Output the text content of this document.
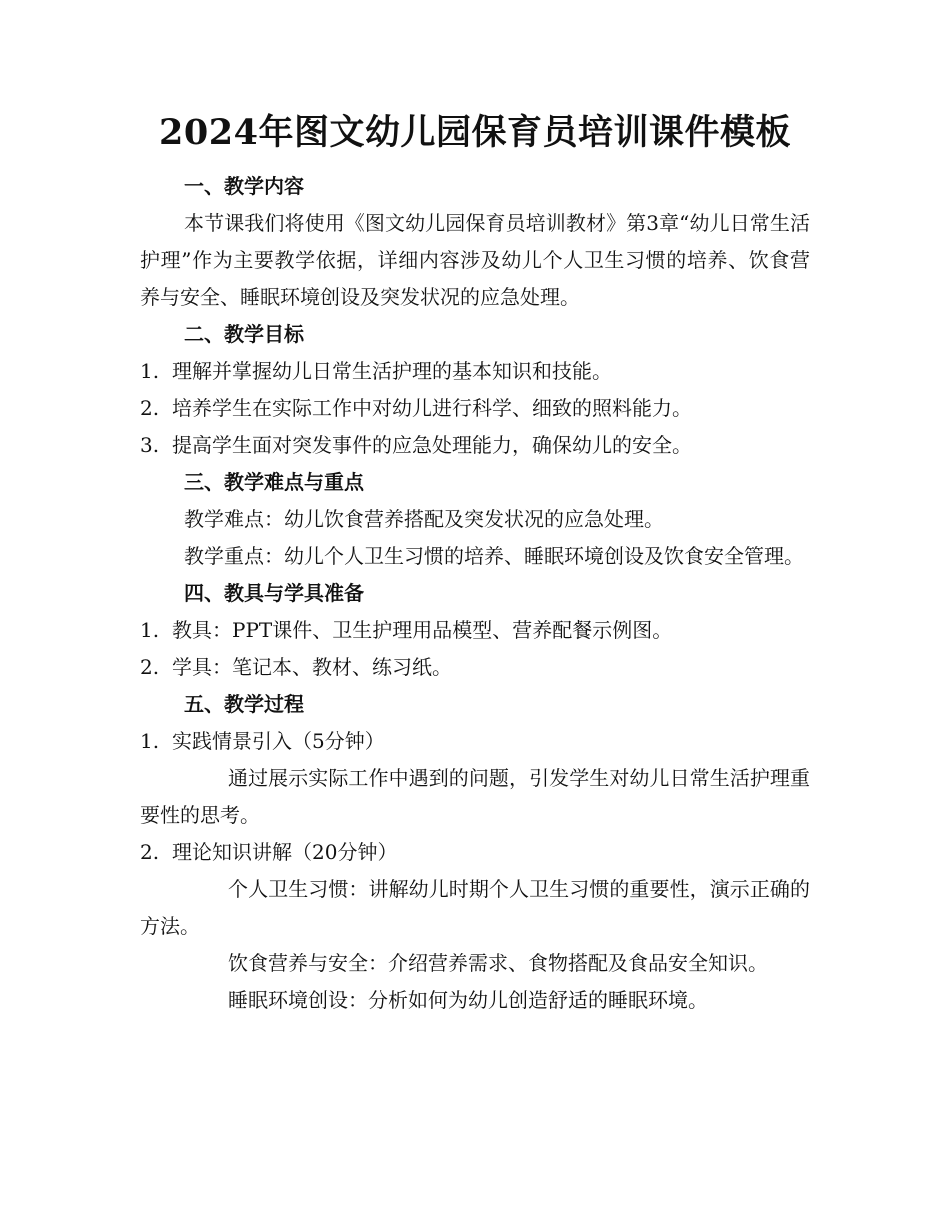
2024年图文幼儿园保育员培训课件模板

一、教学内容

本节课我们将使用《图文幼儿园保育员培训教材》第3章“幼儿日常生活护理”作为主要教学依据，详细内容涉及幼儿个人卫生习惯的培养、饮食营养与安全、睡眠环境创设及突发状况的应急处理。

二、教学目标

1. 理解并掌握幼儿日常生活护理的基本知识和技能。

2. 培养学生在实际工作中对幼儿进行科学、细致的照料能力。

3. 提高学生面对突发事件的应急处理能力，确保幼儿的安全。

三、教学难点与重点

教学难点：幼儿饮食营养搭配及突发状况的应急处理。

教学重点：幼儿个人卫生习惯的培养、睡眠环境创设及饮食安全管理。

四、教具与学具准备

1. 教具：PPT课件、卫生护理用品模型、营养配餐示例图。

2. 学具：笔记本、教材、练习纸。

五、教学过程

1. 实践情景引入（5分钟）

通过展示实际工作中遇到的问题，引发学生对幼儿日常生活护理重要性的思考。

2. 理论知识讲解（20分钟）

个人卫生习惯：讲解幼儿时期个人卫生习惯的重要性，演示正确的方法。

饮食营养与安全：介绍营养需求、食物搭配及食品安全知识。

睡眠环境创设：分析如何为幼儿创造舒适的睡眠环境。
